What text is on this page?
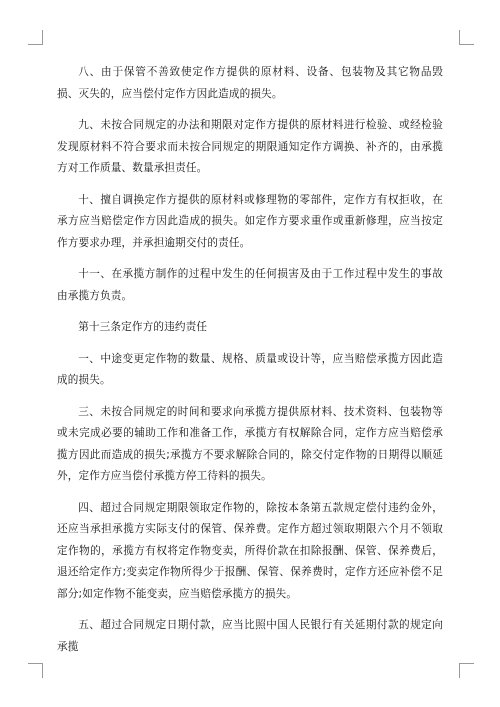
八、由于保管不善致使定作方提供的原材料、设备、包装物及其它物品毁损、灭失的，应当偿付定作方因此造成的损失。

九、未按合同规定的办法和期限对定作方提供的原材料进行检验、或经检验发现原材料不符合要求而未按合同规定的期限通知定作方调换、补齐的，由承揽方对工作质量、数量承担责任。

十、擅自调换定作方提供的原材料或修理物的零部件，定作方有权拒收，在承方应当赔偿定作方因此造成的损失。如定作方要求重作或重新修理，应当按定作方要求办理，并承担逾期交付的责任。

十一、在承揽方制作的过程中发生的任何损害及由于工作过程中发生的事故由承揽方负责。

第十三条定作方的违约责任

一、中途变更定作物的数量、规格、质量或设计等，应当赔偿承揽方因此造成的损失。

三、未按合同规定的时间和要求向承揽方提供原材料、技术资料、包装物等或未完成必要的辅助工作和准备工作，承揽方有权解除合同，定作方应当赔偿承揽方因此而造成的损失;承揽方不要求解除合同的，除交付定作物的日期得以顺延外，定作方应当偿付承揽方停工待料的损失。

四、超过合同规定期限领取定作物的，除按本条第五款规定偿付违约金外，还应当承担承揽方实际支付的保管、保养费。定作方超过领取期限六个月不领取定作物的，承揽方有权将定作物变卖，所得价款在扣除报酬、保管、保养费后，退还给定作方;变卖定作物所得少于报酬、保管、保养费时，定作方还应补偿不足部分;如定作物不能变卖，应当赔偿承揽方的损失。

五、超过合同规定日期付款，应当比照中国人民银行有关延期付款的规定向承揽
